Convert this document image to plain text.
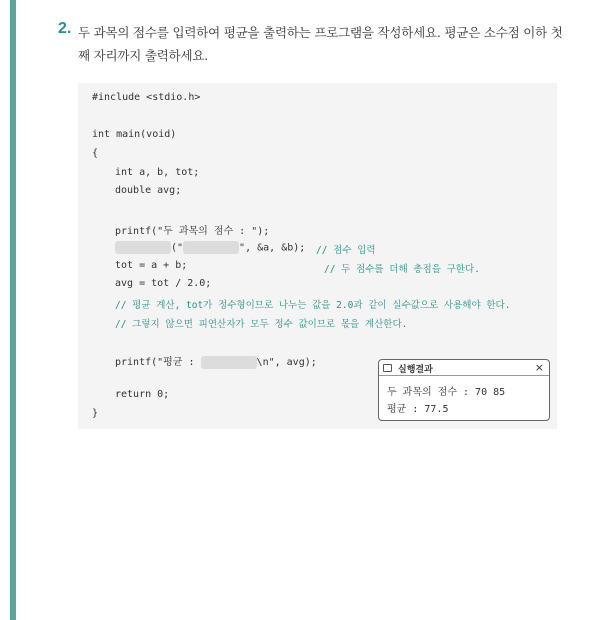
2. 두 과목의 점수를 입력하여 평균을 출력하는 프로그램을 작성하세요. 평균은 소수점 이하 첫째 자리까지 출력하세요.
#include <stdio.h>
int main(void)
{
int a, b, tot;
double avg;
printf("두 과목의 점수 : ");
("	", &a, &b); // 점수 입력
tot = a + b;	// 두 점수를 더해 총점을 구한다.
avg = tot / 2.0;
// 평균 계산, tot가 정수형이므로 나누는 값을 2.0과 같이 실수값으로 사용해야 한다.
// 그렇지 않으면 피연산자가 모두 정수 값이므로 몫을 계산한다.
printf("평균 :	\n", avg);
return 0;
}
실행결과	×
두 과목의 점수 : 70 85
평균 : 77.5
